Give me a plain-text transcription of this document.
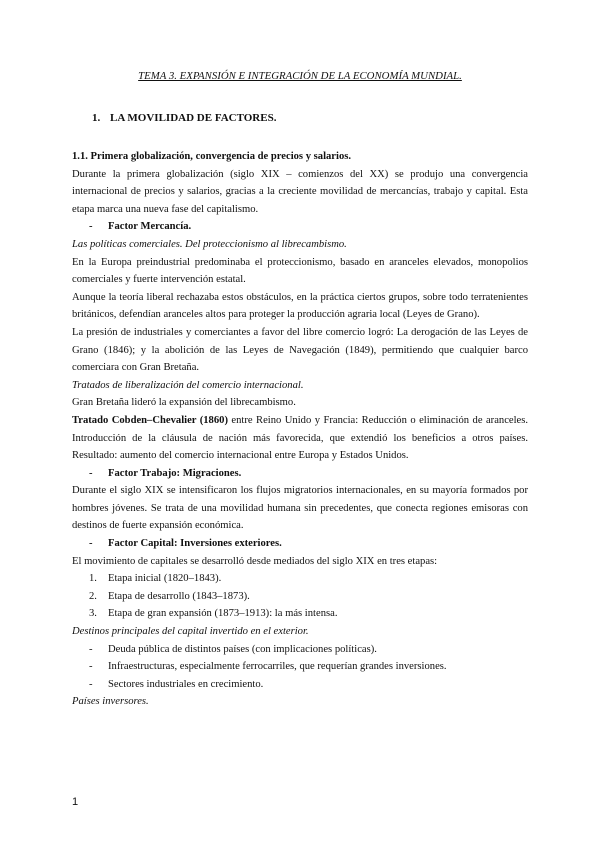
TEMA 3. EXPANSIÓN E INTEGRACIÓN DE LA ECONOMÍA MUNDIAL.
1. LA MOVILIDAD DE FACTORES.

1.1. Primera globalización, convergencia de precios y salarios.

Durante la primera globalización (siglo XIX – comienzos del XX) se produjo una convergencia internacional de precios y salarios, gracias a la creciente movilidad de mercancías, trabajo y capital. Esta etapa marca una nueva fase del capitalismo.

- Factor Mercancía.

Las políticas comerciales. Del proteccionismo al librecambismo.

En la Europa preindustrial predominaba el proteccionismo, basado en aranceles elevados, monopolios comerciales y fuerte intervención estatal.

Aunque la teoría liberal rechazaba estos obstáculos, en la práctica ciertos grupos, sobre todo terratenientes británicos, defendían aranceles altos para proteger la producción agraria local (Leyes de Grano).

La presión de industriales y comerciantes a favor del libre comercio logró: La derogación de las Leyes de Grano (1846); y la abolición de las Leyes de Navegación (1849), permitiendo que cualquier barco comerciara con Gran Bretaña.

Tratados de liberalización del comercio internacional.

Gran Bretaña lideró la expansión del librecambismo.

Tratado Cobden–Chevalier (1860) entre Reino Unido y Francia: Reducción o eliminación de aranceles. Introducción de la cláusula de nación más favorecida, que extendió los beneficios a otros países. Resultado: aumento del comercio internacional entre Europa y Estados Unidos.

- Factor Trabajo: Migraciones.

Durante el siglo XIX se intensificaron los flujos migratorios internacionales, en su mayoría formados por hombres jóvenes. Se trata de una movilidad humana sin precedentes, que conecta regiones emisoras con destinos de fuerte expansión económica.

- Factor Capital: Inversiones exteriores.

El movimiento de capitales se desarrolló desde mediados del siglo XIX en tres etapas:

1. Etapa inicial (1820–1843).

2. Etapa de desarrollo (1843–1873).

3. Etapa de gran expansión (1873–1913): la más intensa.

Destinos principales del capital invertido en el exterior.

- Deuda pública de distintos países (con implicaciones políticas).

- Infraestructuras, especialmente ferrocarriles, que requerían grandes inversiones.

- Sectores industriales en crecimiento.

Países inversores.

1
